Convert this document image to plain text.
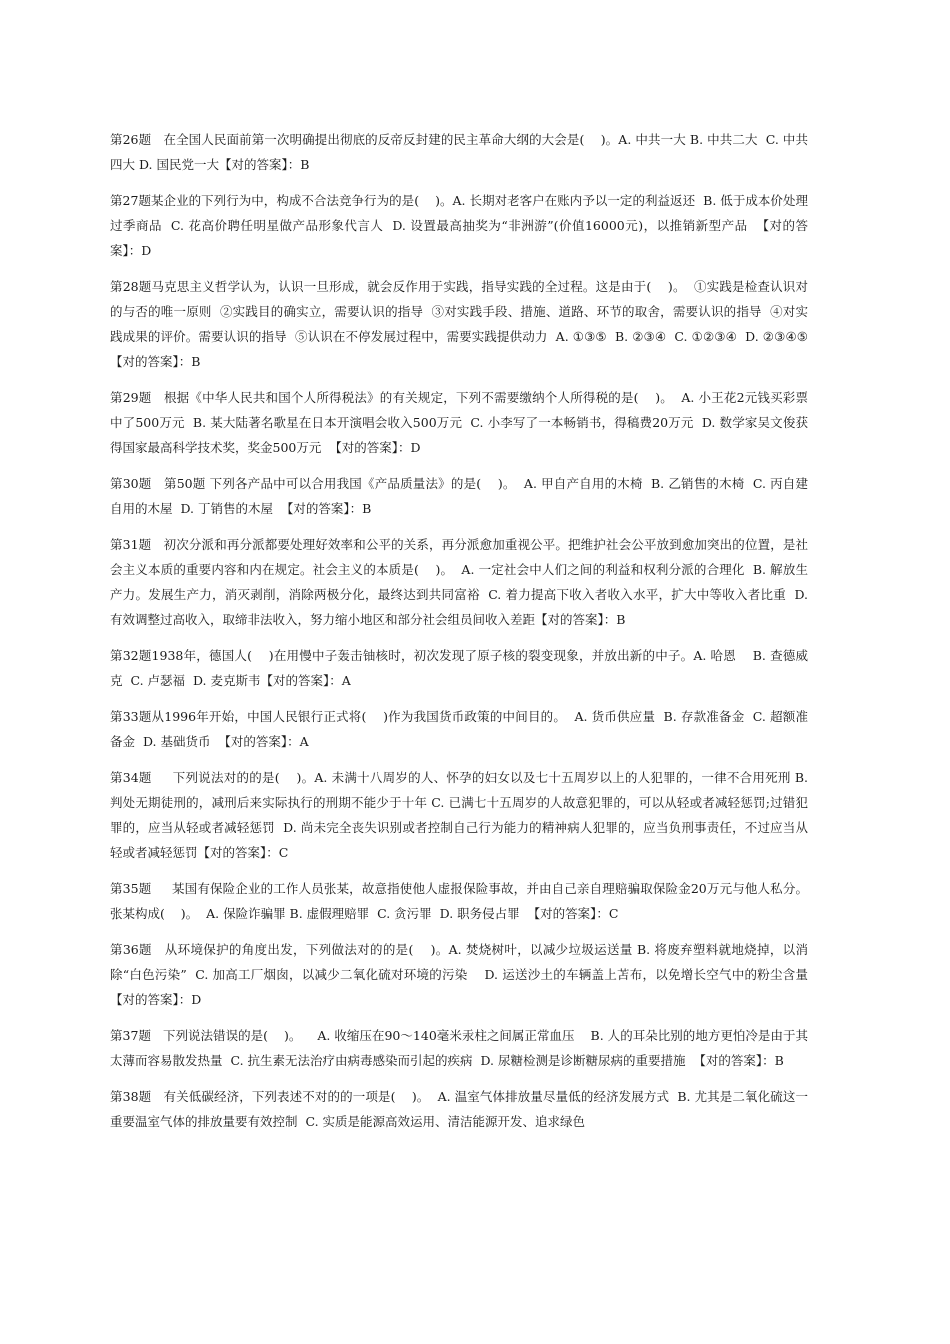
第26题   在全国人民面前第一次明确提出彻底的反帝反封建的民主革命大纲的大会是(    )。A. 中共一大 B. 中共二大  C. 中共四大 D. 国民党一大【对的答案】：B

第27题某企业的下列行为中，构成不合法竞争行为的是(    )。A. 长期对老客户在账内予以一定的利益返还  B. 低于成本价处理过季商品  C. 花高价聘任明星做产品形象代言人  D. 设置最高抽奖为“非洲游”(价值16000元)，以推销新型产品  【对的答案】：D

第28题马克思主义哲学认为，认识一旦形成，就会反作用于实践，指导实践的全过程。这是由于(    )。  ①实践是检查认识对的与否的唯一原则  ②实践目的确实立，需要认识的指导  ③对实践手段、措施、道路、环节的取舍，需要认识的指导  ④对实践成果的评价。需要认识的指导  ⑤认识在不停发展过程中，需要实践提供动力  A. ①③⑤  B. ②③④  C. ①②③④  D. ②③④⑤  【对的答案】：B

第29题   根据《中华人民共和国个人所得税法》的有关规定，下列不需要缴纳个人所得税的是(    )。  A. 小王花2元钱买彩票中了500万元  B. 某大陆著名歌星在日本开演唱会收入500万元  C. 小李写了一本畅销书，得稿费20万元  D. 数学家吴文俊获得国家最高科学技术奖，奖金500万元  【对的答案】：D

第30题   第50题 下列各产品中可以合用我国《产品质量法》的是(    )。  A. 甲自产自用的木椅  B. 乙销售的木椅  C. 丙自建自用的木屋  D. 丁销售的木屋  【对的答案】：B

第31题   初次分派和再分派都要处理好效率和公平的关系，再分派愈加重视公平。把维护社会公平放到愈加突出的位置，是社会主义本质的重要内容和内在规定。社会主义的本质是(    )。  A. 一定社会中人们之间的利益和权利分派的合理化  B. 解放生产力。发展生产力，消灭剥削，消除两极分化，最终达到共同富裕  C. 着力提高下收入者收入水平，扩大中等收入者比重  D. 有效调整过高收入，取缔非法收入，努力缩小地区和部分社会组员间收入差距【对的答案】：B

第32题1938年，德国人(    )在用慢中子轰击铀核时，初次发现了原子核的裂变现象，并放出新的中子。A. 哈恩    B. 查德威克  C. 卢瑟福  D. 麦克斯韦【对的答案】：A

第33题从1996年开始，中国人民银行正式将(    )作为我国货币政策的中间目的。  A. 货币供应量  B. 存款准备金  C. 超额准备金  D. 基础货币  【对的答案】：A

第34题     下列说法对的的是(    )。A. 未满十八周岁的人、怀孕的妇女以及七十五周岁以上的人犯罪的，一律不合用死刑 B. 判处无期徒刑的，减刑后来实际执行的刑期不能少于十年 C. 已满七十五周岁的人故意犯罪的，可以从轻或者减轻惩罚;过错犯罪的，应当从轻或者减轻惩罚  D. 尚未完全丧失识别或者控制自己行为能力的精神病人犯罪的，应当负刑事责任，不过应当从轻或者减轻惩罚【对的答案】：C

第35题     某国有保险企业的工作人员张某，故意指使他人虚报保险事故，并由自己亲自理赔骗取保险金20万元与他人私分。张某构成(    )。  A. 保险诈骗罪 B. 虚假理赔罪  C. 贪污罪  D. 职务侵占罪  【对的答案】：C

第36题   从环境保护的角度出发，下列做法对的的是(    )。A. 焚烧树叶，以减少垃圾运送量 B. 将废弃塑料就地烧掉，以消除“白色污染”  C. 加高工厂烟囱，以减少二氧化硫对环境的污染    D. 运送沙土的车辆盖上苫布，以免增长空气中的粉尘含量    【对的答案】：D

第37题   下列说法错误的是(    )。    A. 收缩压在90～140毫米汞柱之间属正常血压    B. 人的耳朵比别的地方更怕冷是由于其太薄而容易散发热量  C. 抗生素无法治疗由病毒感染而引起的疾病  D. 尿糖检测是诊断糖尿病的重要措施  【对的答案】：B

第38题   有关低碳经济，下列表述不对的的一项是(    )。  A. 温室气体排放量尽量低的经济发展方式  B. 尤其是二氧化硫这一重要温室气体的排放量要有效控制  C. 实质是能源高效运用、清洁能源开发、追求绿色
